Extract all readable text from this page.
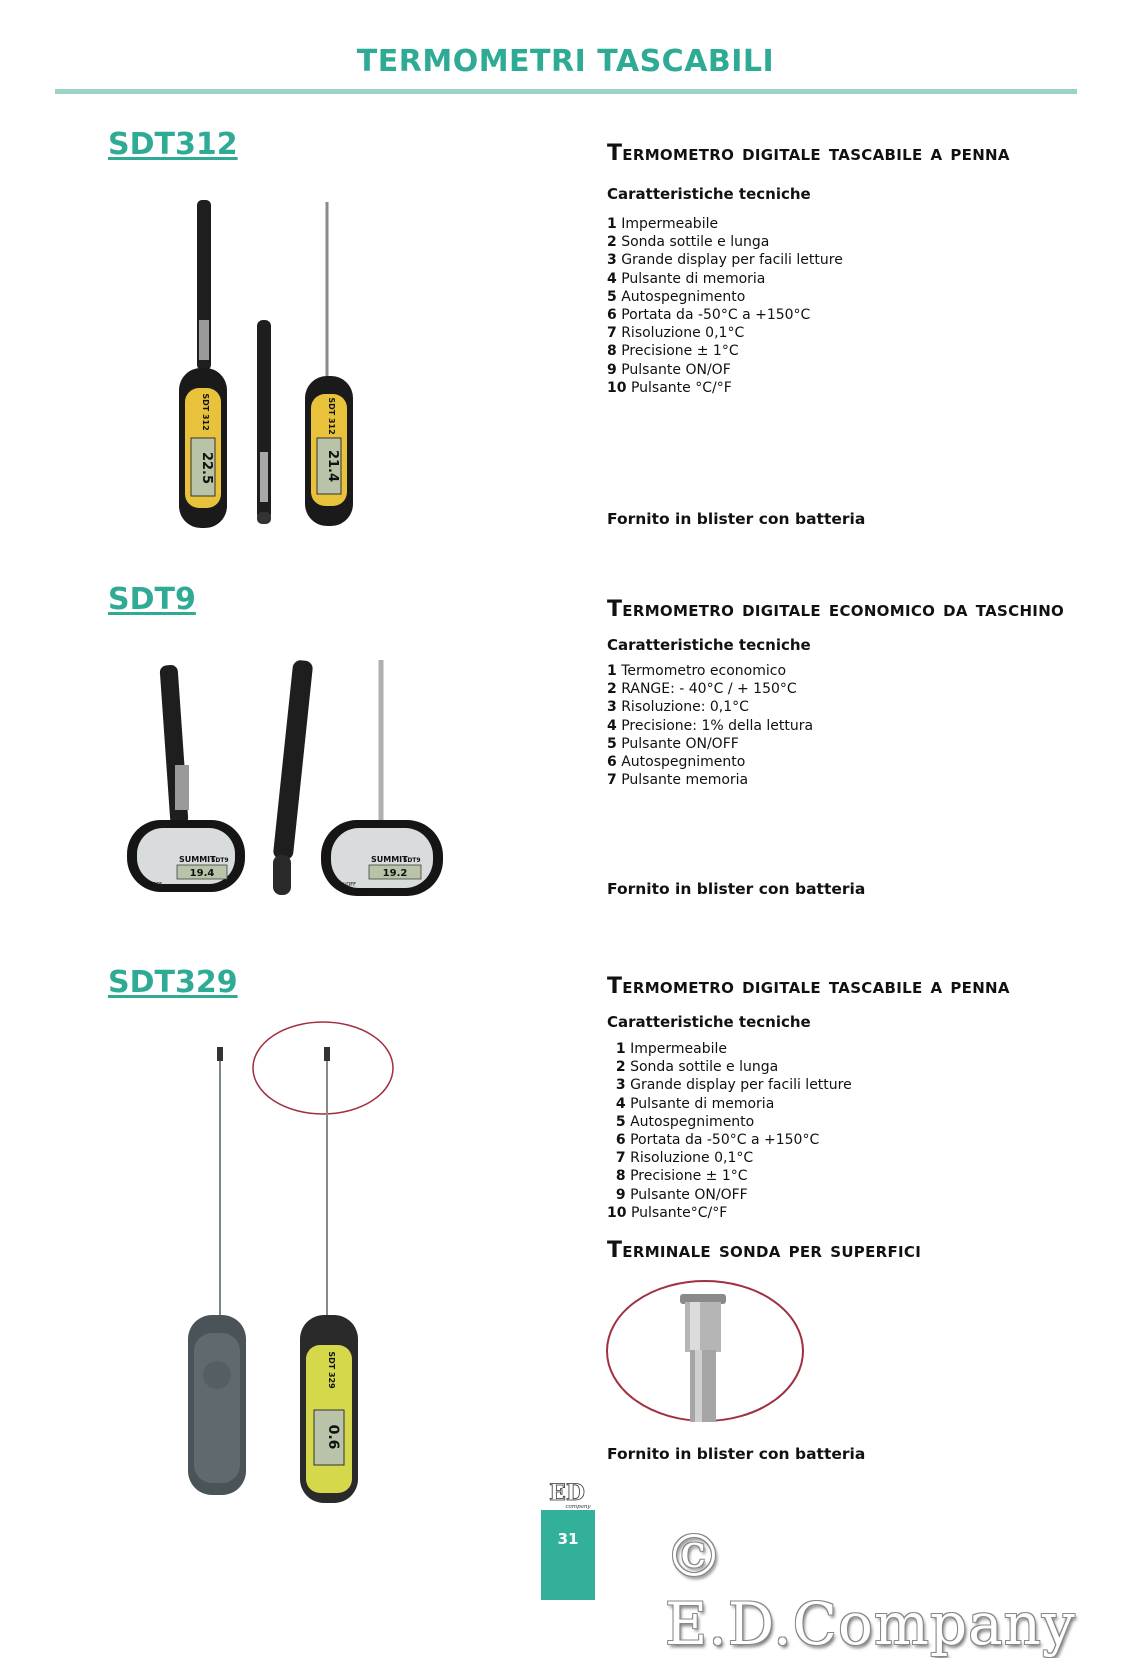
TERMOMETRI TASCABILI
SDT312
22.5
SDT 312
21.4
SDT 312
Termometro digitale tascabile a penna
Caratteristiche tecniche
1 Impermeabile
2 Sonda sottile e lunga
3 Grande display per facili letture
4 Pulsante di memoria
5 Autospegnimento
6 Portata da -50°C a +150°C
7 Risoluzione 0,1°C
8 Precisione ± 1°C
9 Pulsante ON/OF
10 Pulsante °C/°F
Fornito in blister con batteria
SDT9
SUMMIT
SDT9
19.4
ON/OFF
RANGE: -40°~150°C
SUMMIT
SDT9
19.2
ON/OFF
RANGE: -40°~150°C
Termometro digitale economico da taschino
Caratteristiche tecniche
1 Termometro economico
2 RANGE: - 40°C / + 150°C
3 Risoluzione: 0,1°C
4 Precisione: 1% della lettura
5 Pulsante ON/OFF
6 Autospegnimento
7 Pulsante memoria
Fornito in blister con batteria
SDT329
0.6
SDT 329
Termometro digitale tascabile a penna
Caratteristiche tecniche
1 Impermeabile
2 Sonda sottile e lunga
3 Grande display per facili letture
4 Pulsante di memoria
5 Autospegnimento
6 Portata da -50°C a +150°C
7 Risoluzione 0,1°C
8 Precisione ± 1°C
9 Pulsante ON/OFF
10 Pulsante°C/°F
Terminale sonda per superfici
Fornito in blister con batteria
ED
company
31 © E.D.Company
